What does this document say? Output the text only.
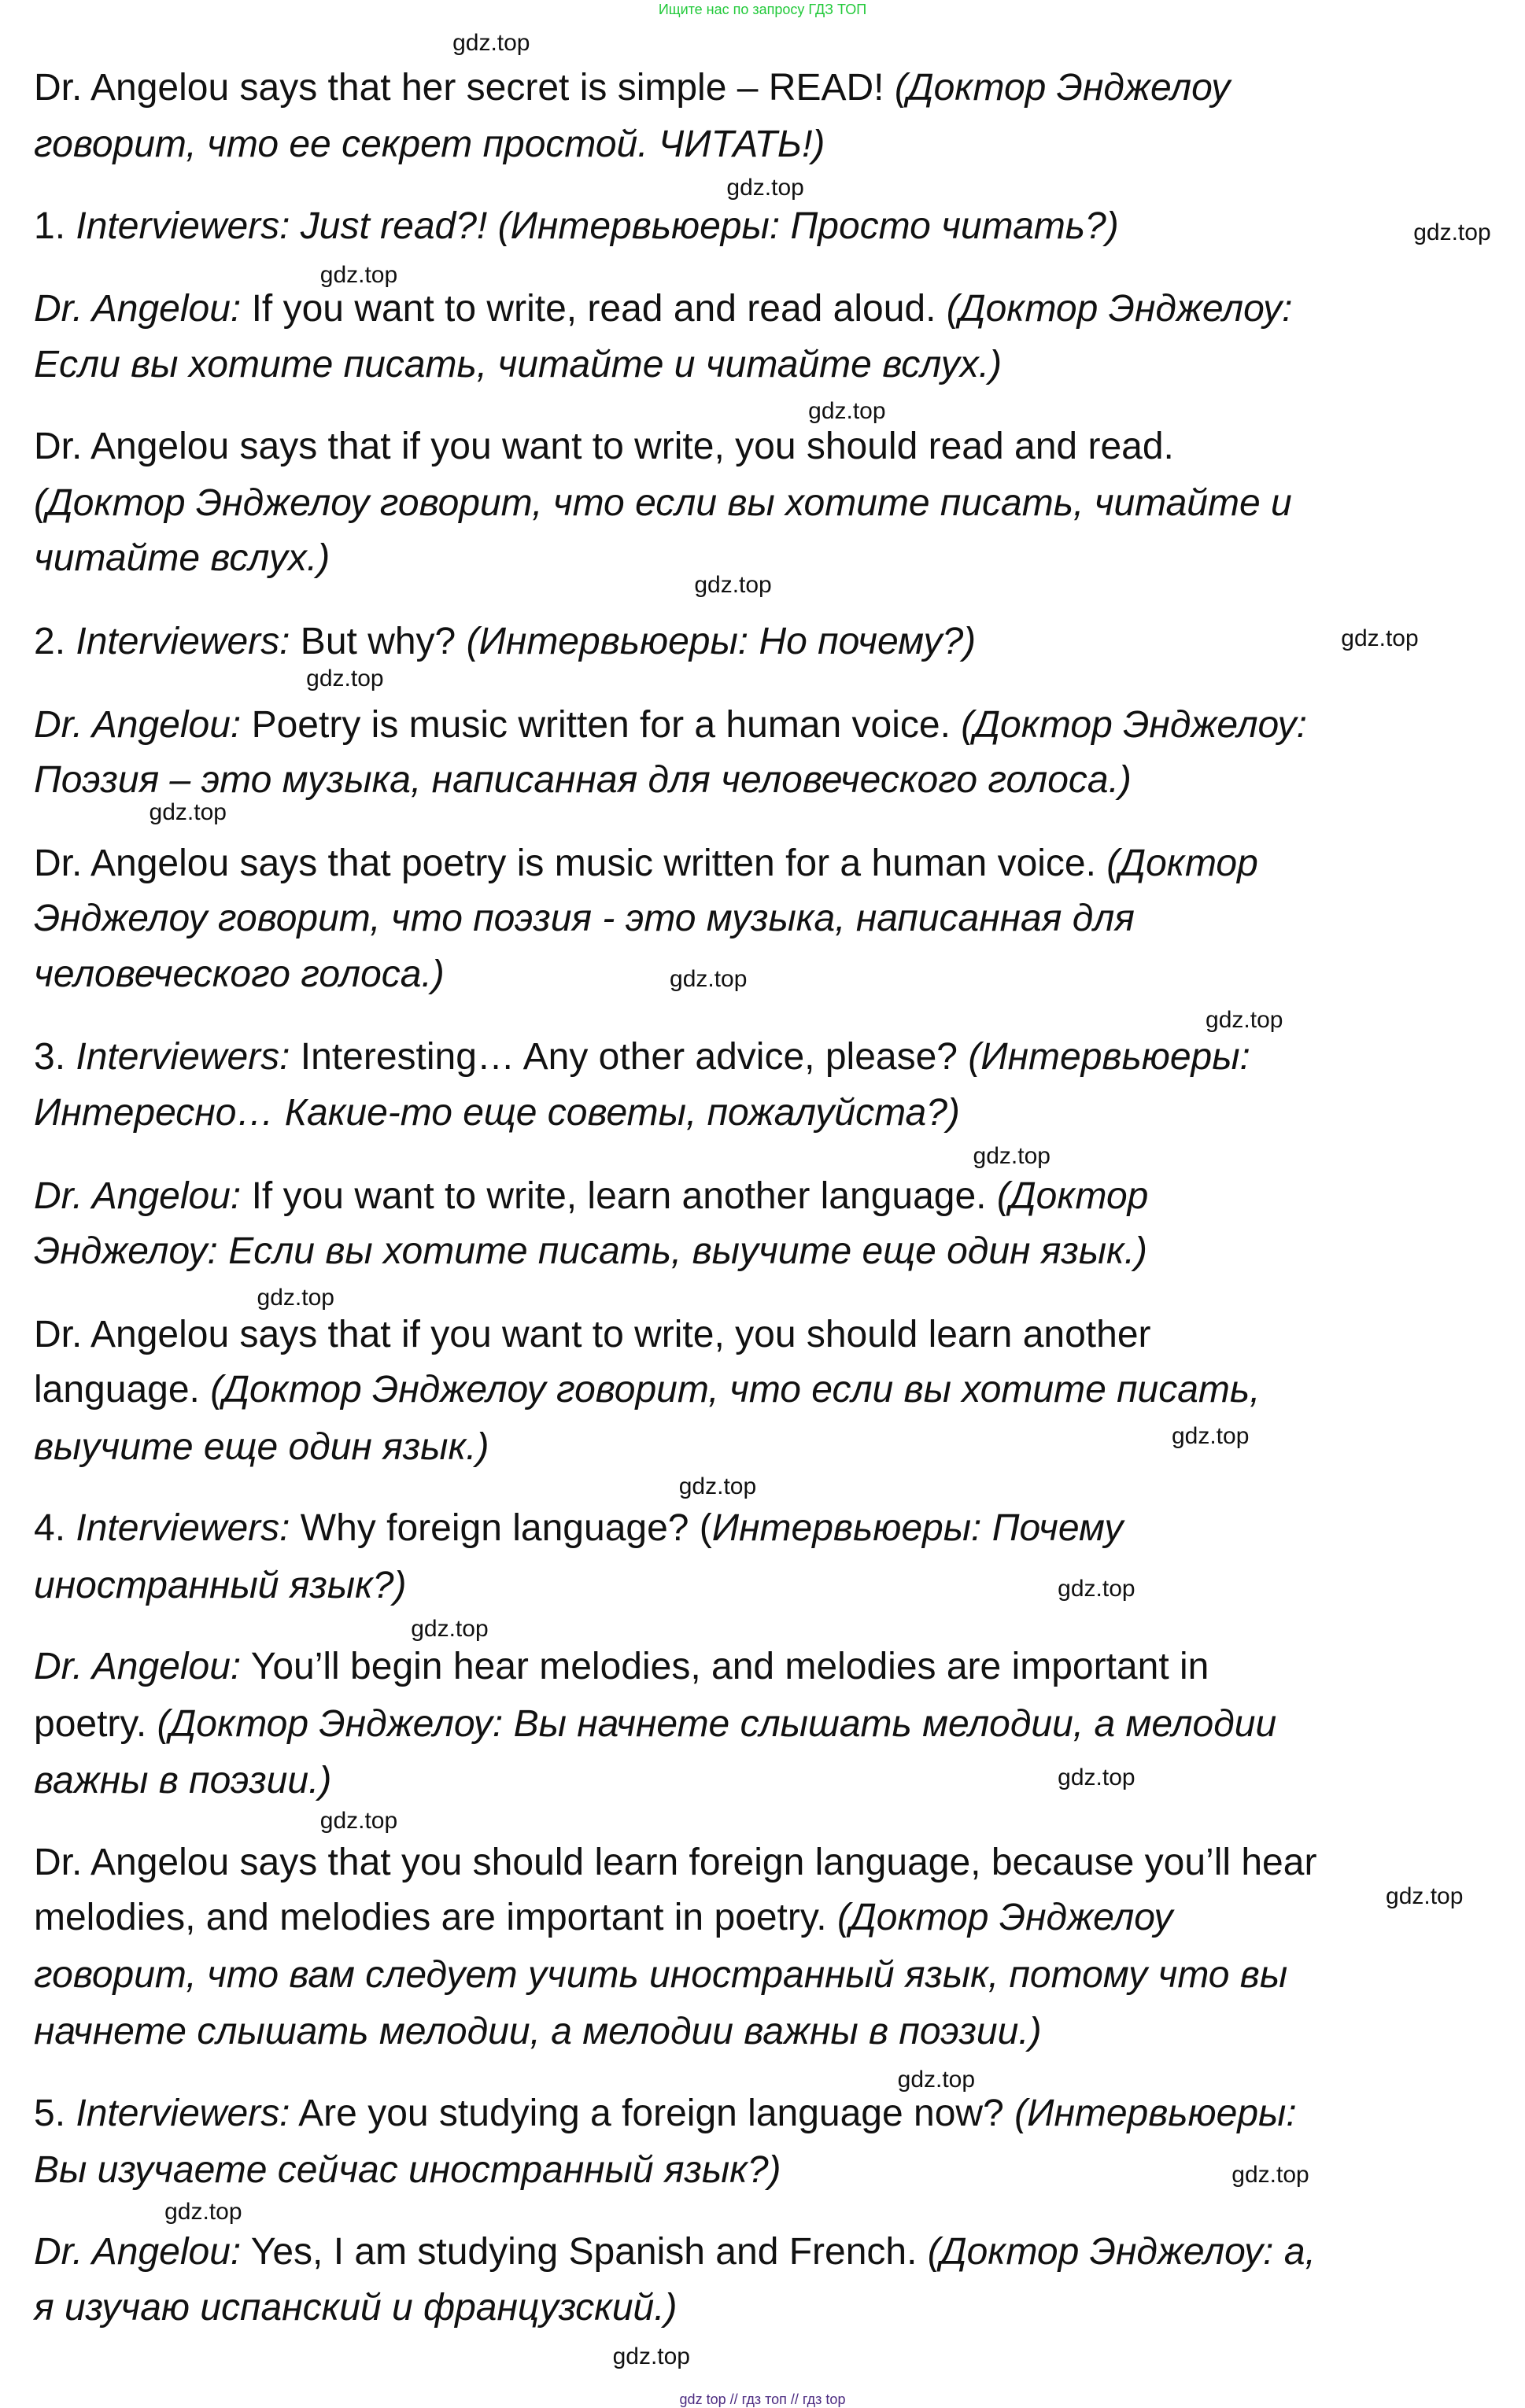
Ищите нас по запросу ГДЗ ТОП
Dr. Angelou says that her secret is simple – READ! (Доктор Энджелоу
говорит, что ее секрет простой. ЧИТАТЬ!)
1. Interviewers: Just read?! (Интервьюеры: Просто читать?)
Dr. Angelou: If you want to write, read and read aloud. (Доктор Энджелоу:
Если вы хотите писать, читайте и читайте вслух.)
Dr. Angelou says that if you want to write, you should read and read.
(Доктор Энджелоу говорит, что если вы хотите писать, читайте и
читайте вслух.)
2. Interviewers: But why? (Интервьюеры: Но почему?)
Dr. Angelou: Poetry is music written for a human voice. (Доктор Энджелоу:
Поэзия – это музыка, написанная для человеческого голоса.)
Dr. Angelou says that poetry is music written for a human voice. (Доктор
Энджелоу говорит, что поэзия - это музыка, написанная для
человеческого голоса.)
3. Interviewers: Interesting… Any other advice, please? (Интервьюеры:
Интересно… Какие-то еще советы, пожалуйста?)
Dr. Angelou: If you want to write, learn another language. (Доктор
Энджелоу: Если вы хотите писать, выучите еще один язык.)
Dr. Angelou says that if you want to write, you should learn another
language. (Доктор Энджелоу говорит, что если вы хотите писать,
выучите еще один язык.)
4. Interviewers: Why foreign language? (Интервьюеры: Почему
иностранный язык?)
Dr. Angelou: You’ll begin hear melodies, and melodies are important in
poetry. (Доктор Энджелоу: Вы начнете слышать мелодии, а мелодии
важны в поэзии.)
Dr. Angelou says that you should learn foreign language, because you’ll hear
melodies, and melodies are important in poetry. (Доктор Энджелоу
говорит, что вам следует учить иностранный язык, потому что вы
начнете слышать мелодии, а мелодии важны в поэзии.)
5. Interviewers: Are you studying a foreign language now? (Интервьюеры:
Вы изучаете сейчас иностранный язык?)
Dr. Angelou: Yes, I am studying Spanish and French. (Доктор Энджелоу: а,
я изучаю испанский и французский.)
gdz.top
gdz.top
gdz.top
gdz.top
gdz.top
gdz.top
gdz.top
gdz.top
gdz.top
gdz.top
gdz.top
gdz.top
gdz.top
gdz.top
gdz.top
gdz.top
gdz.top
gdz.top
gdz.top
gdz.top
gdz.top
gdz.top
gdz.top
gdz.top
gdz top // гдз топ // гдз top
